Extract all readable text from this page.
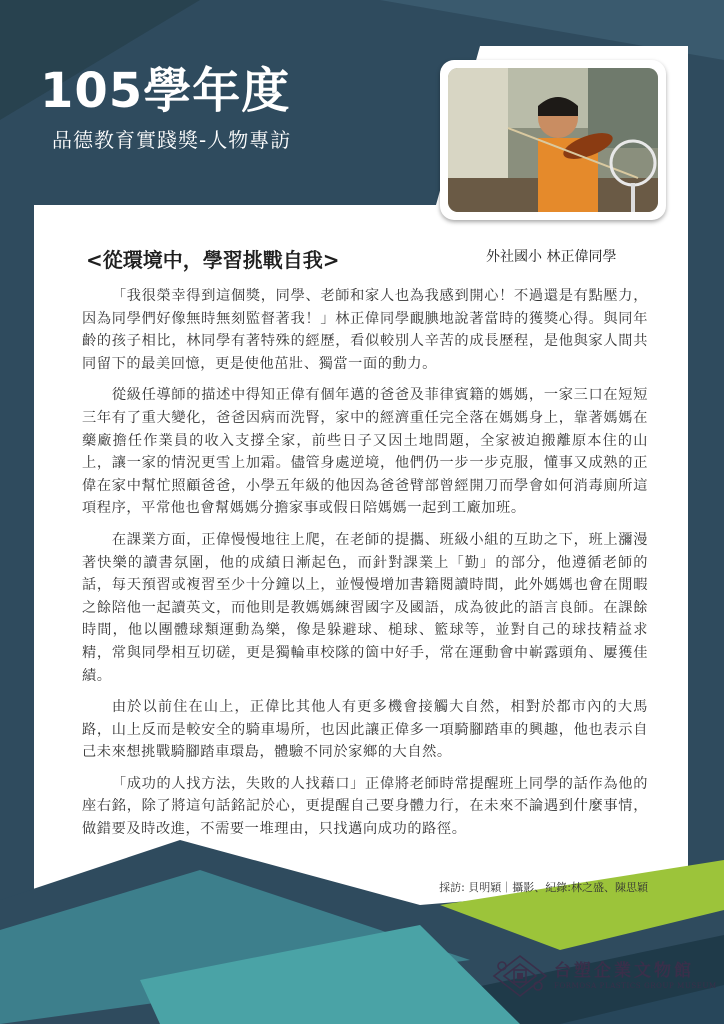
105學年度
品德教育實踐獎-人物專訪
<從環境中，學習挑戰自我>	外社國小 林正偉同學

「我很榮幸得到這個獎，同學、老師和家人也為我感到開心！不過還是有點壓力，因為同學們好像無時無刻監督著我！」林正偉同學靦腆地說著當時的獲獎心得。與同年齡的孩子相比，林同學有著特殊的經歷，看似較別人辛苦的成長歷程，是他與家人間共同留下的最美回憶，更是使他茁壯、獨當一面的動力。

從級任導師的描述中得知正偉有個年邁的爸爸及菲律賓籍的媽媽，一家三口在短短三年有了重大變化，爸爸因病而洗腎，家中的經濟重任完全落在媽媽身上，靠著媽媽在藥廠擔任作業員的收入支撐全家，前些日子又因土地問題，全家被迫搬離原本住的山上，讓一家的情況更雪上加霜。儘管身處逆境，他們仍一步一步克服，懂事又成熟的正偉在家中幫忙照顧爸爸，小學五年級的他因為爸爸臂部曾經開刀而學會如何消毒廁所這項程序，平常他也會幫媽媽分擔家事或假日陪媽媽一起到工廠加班。

在課業方面，正偉慢慢地往上爬，在老師的提攜、班級小組的互助之下，班上瀰漫著快樂的讀書氛圍，他的成績日漸起色，而針對課業上「勤」的部分，他遵循老師的話，每天預習或複習至少十分鐘以上，並慢慢增加書籍閱讀時間，此外媽媽也會在閒暇之餘陪他一起讀英文，而他則是教媽媽練習國字及國語，成為彼此的語言良師。在課餘時間，他以團體球類運動為樂，像是躲避球、槌球、籃球等，並對自己的球技精益求精，常與同學相互切磋，更是獨輪車校隊的箇中好手，常在運動會中嶄露頭角、屢獲佳績。

由於以前住在山上，正偉比其他人有更多機會接觸大自然，相對於都市內的大馬路，山上反而是較安全的騎車場所，也因此讓正偉多一項騎腳踏車的興趣，他也表示自己未來想挑戰騎腳踏車環島，體驗不同於家鄉的大自然。

「成功的人找方法，失敗的人找藉口」正偉將老師時常提醒班上同學的話作為他的座右銘，除了將這句話銘記於心，更提醒自己要身體力行，在未來不論遇到什麼事情，做錯要及時改進，不需要一堆理由，只找邁向成功的路徑。

採訪: 貝明穎｜攝影、紀錄:林之盛、陳思穎
台塑企業文物館
FORMOSA PLASTICS GROUP MUSEUM
